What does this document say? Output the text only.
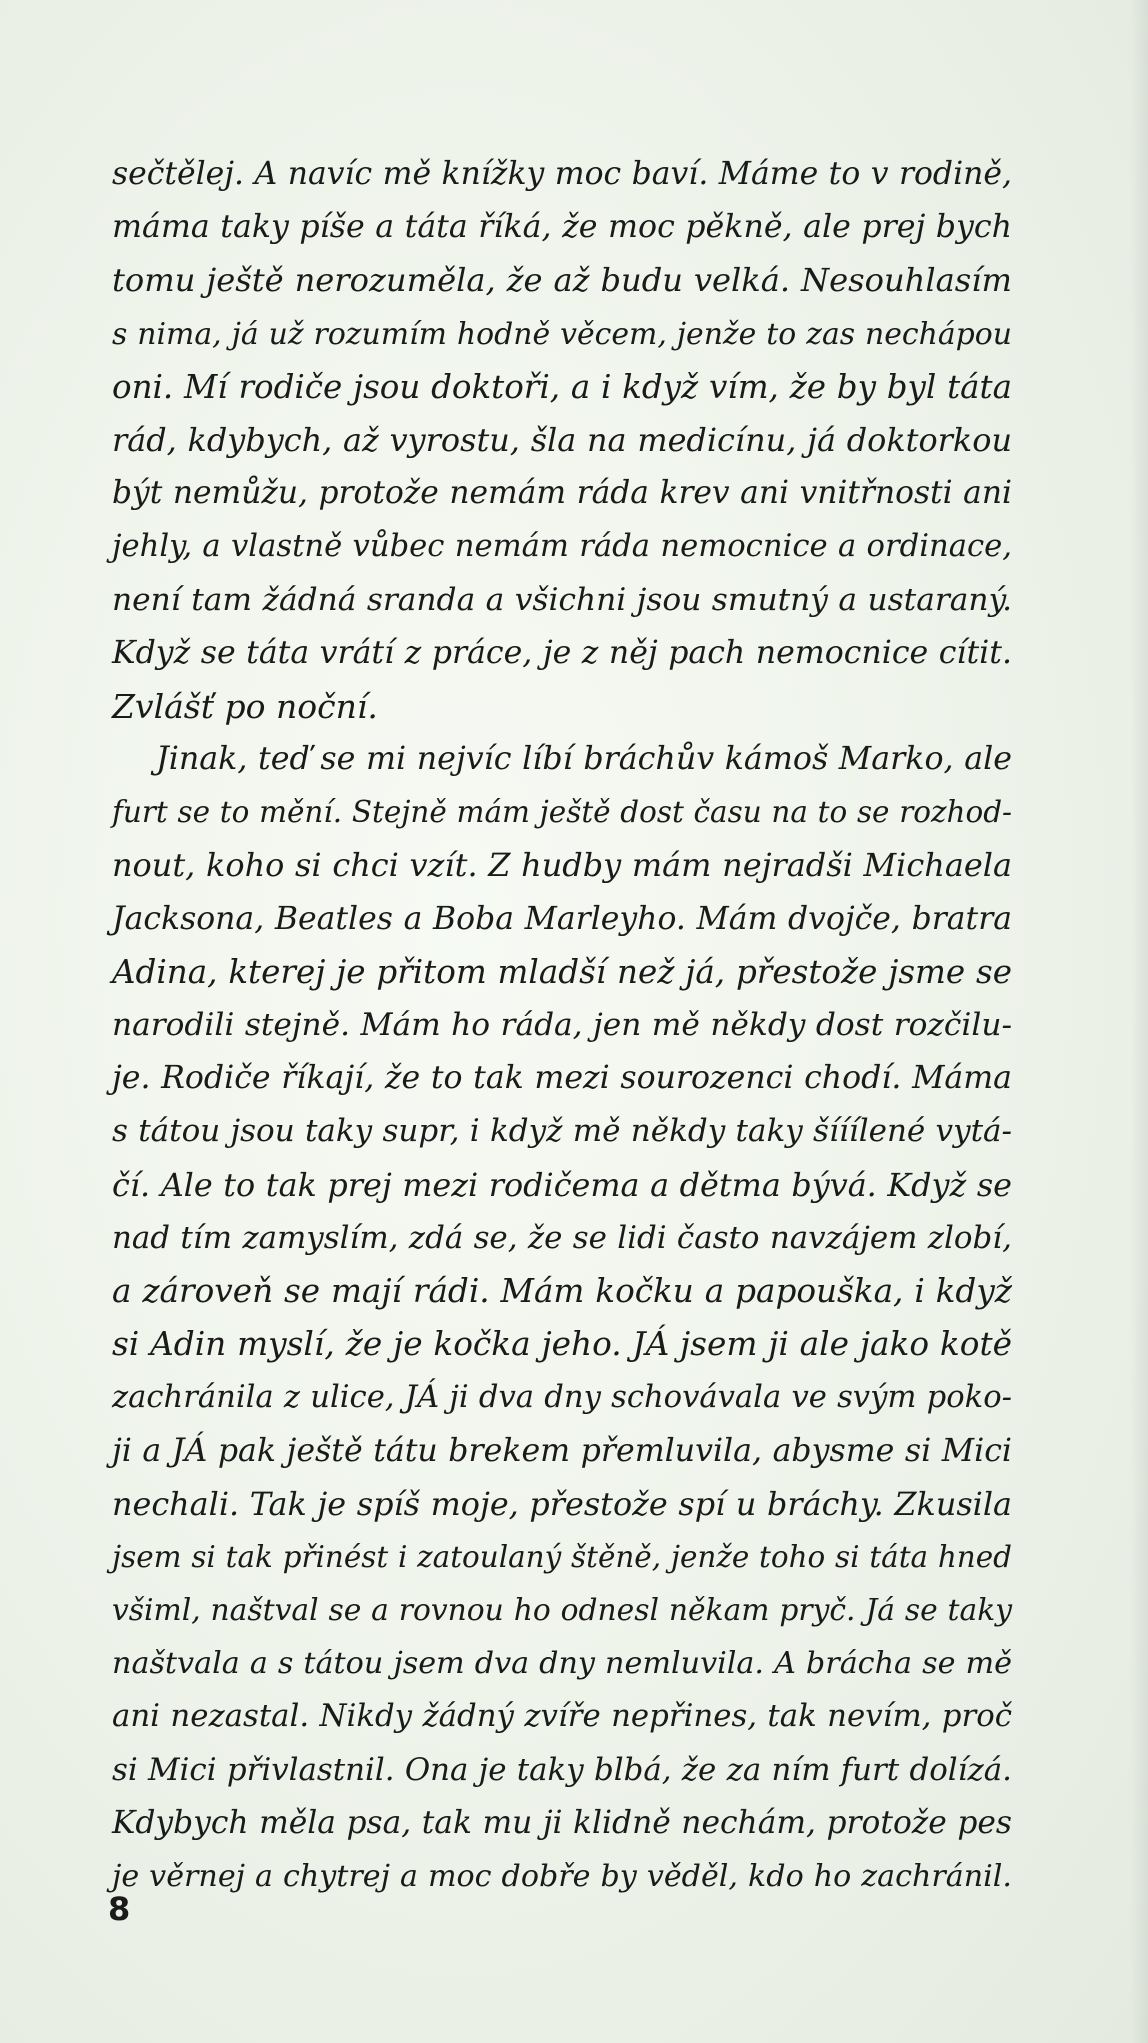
sečtělej. A navíc mě knížky moc baví. Máme to v rodině,
máma taky píše a táta říká, že moc pěkně, ale prej bych
tomu ještě nerozuměla, že až budu velká. Nesouhlasím
s nima, já už rozumím hodně věcem, jenže to zas nechápou
oni. Mí rodiče jsou doktoři, a i když vím, že by byl táta
rád, kdybych, až vyrostu, šla na medicínu, já doktorkou
být nemůžu, protože nemám ráda krev ani vnitřnosti ani
jehly, a vlastně vůbec nemám ráda nemocnice a ordinace,
není tam žádná sranda a všichni jsou smutný a ustaraný.
Když se táta vrátí z práce, je z něj pach nemocnice cítit.
Zvlášť po noční.
Jinak, teď se mi nejvíc líbí bráchův kámoš Marko, ale
furt se to mění. Stejně mám ještě dost času na to se rozhod-
nout, koho si chci vzít. Z hudby mám nejradši Michaela
Jacksona, Beatles a Boba Marleyho. Mám dvojče, bratra
Adina, kterej je přitom mladší než já, přestože jsme se
narodili stejně. Mám ho ráda, jen mě někdy dost rozčilu-
je. Rodiče říkají, že to tak mezi sourozenci chodí. Máma
s tátou jsou taky supr, i když mě někdy taky šííílené vytá-
čí. Ale to tak prej mezi rodičema a dětma bývá. Když se
nad tím zamyslím, zdá se, že se lidi často navzájem zlobí,
a zároveň se mají rádi. Mám kočku a papouška, i když
si Adin myslí, že je kočka jeho. JÁ jsem ji ale jako kotě
zachránila z ulice, JÁ ji dva dny schovávala ve svým poko-
ji a JÁ pak ještě tátu brekem přemluvila, abysme si Mici
nechali. Tak je spíš moje, přestože spí u bráchy. Zkusila
jsem si tak přinést i zatoulaný štěně, jenže toho si táta hned
všiml, naštval se a rovnou ho odnesl někam pryč. Já se taky
naštvala a s tátou jsem dva dny nemluvila. A brácha se mě
ani nezastal. Nikdy žádný zvíře nepřines, tak nevím, proč
si Mici přivlastnil. Ona je taky blbá, že za ním furt dolízá.
Kdybych měla psa, tak mu ji klidně nechám, protože pes
je věrnej a chytrej a moc dobře by věděl, kdo ho zachránil.
8
